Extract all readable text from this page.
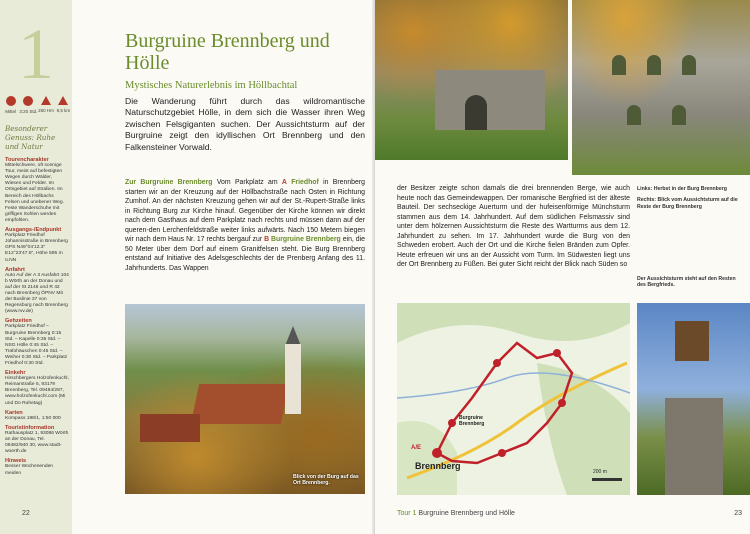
1
Mittel 3:20 Std. 260 Hm 9,5 km
Besonderer Genuss: Ruhe und Natur
Tourencharakter

Mittelschwere, oft sonnige Tour, meist auf befestigten Wegen durch Wälder, Wiesen und Felder. Im Ortsgebiet auf Straßen. Im Bereich des Höllbachs Felsen und unebener Weg. Feste Wanderschuhe mit griffigen Sohlen werden empfohlen.

Ausgangs-/Endpunkt

Parkplatz Friedhof Johannisstraße in Brennberg GPS N49°04'12.3" E12°23'47.5", Höhe 595 m ü.NN

Anfahrt

Auto Auf der A 3 Ausfahrt 104 b Wörth an der Donau und auf der St 2146 und R 42 nach Brennberg ÖPNV Mit der Buslinie 37 von Regensburg nach Brennberg (www.rvv.de)

Gehzeiten

Parkplatz Friedhof – Burgruine Brennberg 0:15 Std. – Kapelle 0:35 Std. – NSG Hölle 0:45 Std. – Trafohäuschen 0:45 Std. – Weiher 0:30 Std. – Parkplatz Friedhof 0:30 Std.

Einkehr

Hirschbergers Holzofenkuchl, Reimarstraße 5, 93179 Brennberg, Tel. 09484/287, www.holzofenkuchl.com (Mi und Do Ruhetag)

Karten

Kompass 198/1, 1:50 000

Touristinformation

Rathausplatz 1, 93086 Wörth an der Donau, Tel. 09482/940 30, www.stadt-woerth.de

Hinweis

Besser Wochenenden meiden

Burgruine Brennberg und Hölle
Mystisches Naturerlebnis im Höllbachtal
Die Wanderung führt durch das wildromantische Naturschutzgebiet Hölle, in dem sich die Wasser ihren Weg zwischen Felsgiganten suchen. Der Aussichtsturm auf der Burgruine zeigt den idyllischen Ort Brennberg und den Falkensteiner Vorwald.
Zur Burgruine Brennberg Vom Parkplatz am A Friedhof in Brennberg starten wir an der Kreuzung auf der Höllbachstraße nach Osten in Richtung Zumhof. An der nächsten Kreuzung gehen wir auf der St.-Rupert-Straße links in Richtung Burg zur Kirche hinauf. Gegenüber der Kirche können wir direkt nach dem Gasthaus auf dem Parkplatz nach rechts und müssen dann auf der queren-den Lerchenfeldstraße weiter links aufwärts. Nach 150 Metern biegen wir nach dem Haus Nr. 17 rechts bergauf zur B Burgruine Brennberg ein, die 50 Meter über dem Dorf auf einem Granitfelsen steht. Die Burg Brennberg entstand auf Initiative des Adelsgeschlechts der de Prenberg Anfang des 11. Jahrhunderts. Das Wappen
Blick von der Burg auf das Ort Brennberg.
22
der Besitzer zeigte schon damals die drei brennenden Berge, wie auch heute noch das Gemeindewappen. Der romanische Bergfried ist der älteste Bauteil. Der sechseckige Auerturm und der hufeisenförmige Münchsturm stammen aus dem 14. Jahrhundert. Auf dem südlichen Felsmassiv sind unter dem hölzernen Aussichtsturm die Reste des Wartturms aus dem 12. Jahrhundert zu sehen. Im 17. Jahrhundert wurde die Burg von den Schweden erobert. Auch der Ort und die Kirche fielen Bränden zum Opfer. Heute erfreuen wir uns an der Aussicht vom Turm. Im Südwesten liegt uns der Ort Brennberg zu Füßen. Bei guter Sicht reicht der Blick nach Süden so

Links: Herbst in der Burg Brennberg

Rechts: Blick vom Aussichtsturm auf die Reste der Burg Brennberg

Der Aussichtsturm steht auf den Resten des Bergfrieds.
Brennberg
Burgruine Brennberg
A/E
200 m
Tour 1 Burgruine Brennberg und Hölle	23
